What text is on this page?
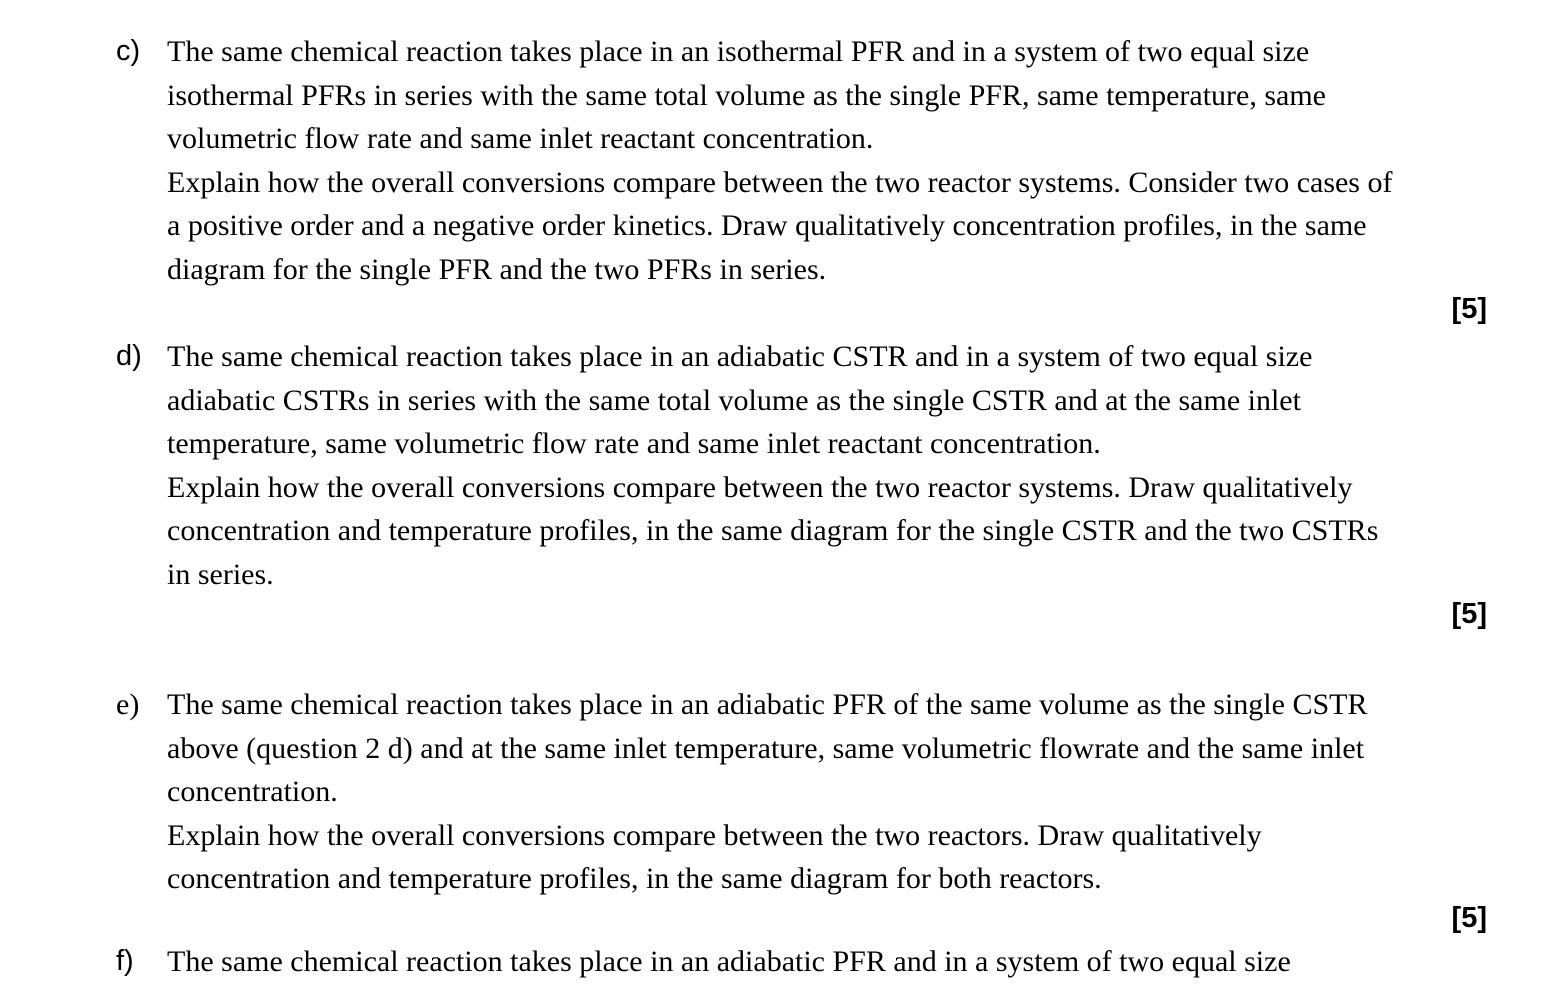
c) The same chemical reaction takes place in an isothermal PFR and in a system of two equal size

isothermal PFRs in series with the same total volume as the single PFR, same temperature, same

volumetric flow rate and same inlet reactant concentration.

Explain how the overall conversions compare between the two reactor systems. Consider two cases of

a positive order and a negative order kinetics. Draw qualitatively concentration profiles, in the same

diagram for the single PFR and the two PFRs in series.

[5]
d) The same chemical reaction takes place in an adiabatic CSTR and in a system of two equal size

adiabatic CSTRs in series with the same total volume as the single CSTR and at the same inlet

temperature, same volumetric flow rate and same inlet reactant concentration.

Explain how the overall conversions compare between the two reactor systems. Draw qualitatively

concentration and temperature profiles, in the same diagram for the single CSTR and the two CSTRs

in series.

[5]
e) The same chemical reaction takes place in an adiabatic PFR of the same volume as the single CSTR

above (question 2 d) and at the same inlet temperature, same volumetric flowrate and the same inlet

concentration.

Explain how the overall conversions compare between the two reactors. Draw qualitatively

concentration and temperature profiles, in the same diagram for both reactors.

[5]
f) The same chemical reaction takes place in an adiabatic PFR and in a system of two equal size
